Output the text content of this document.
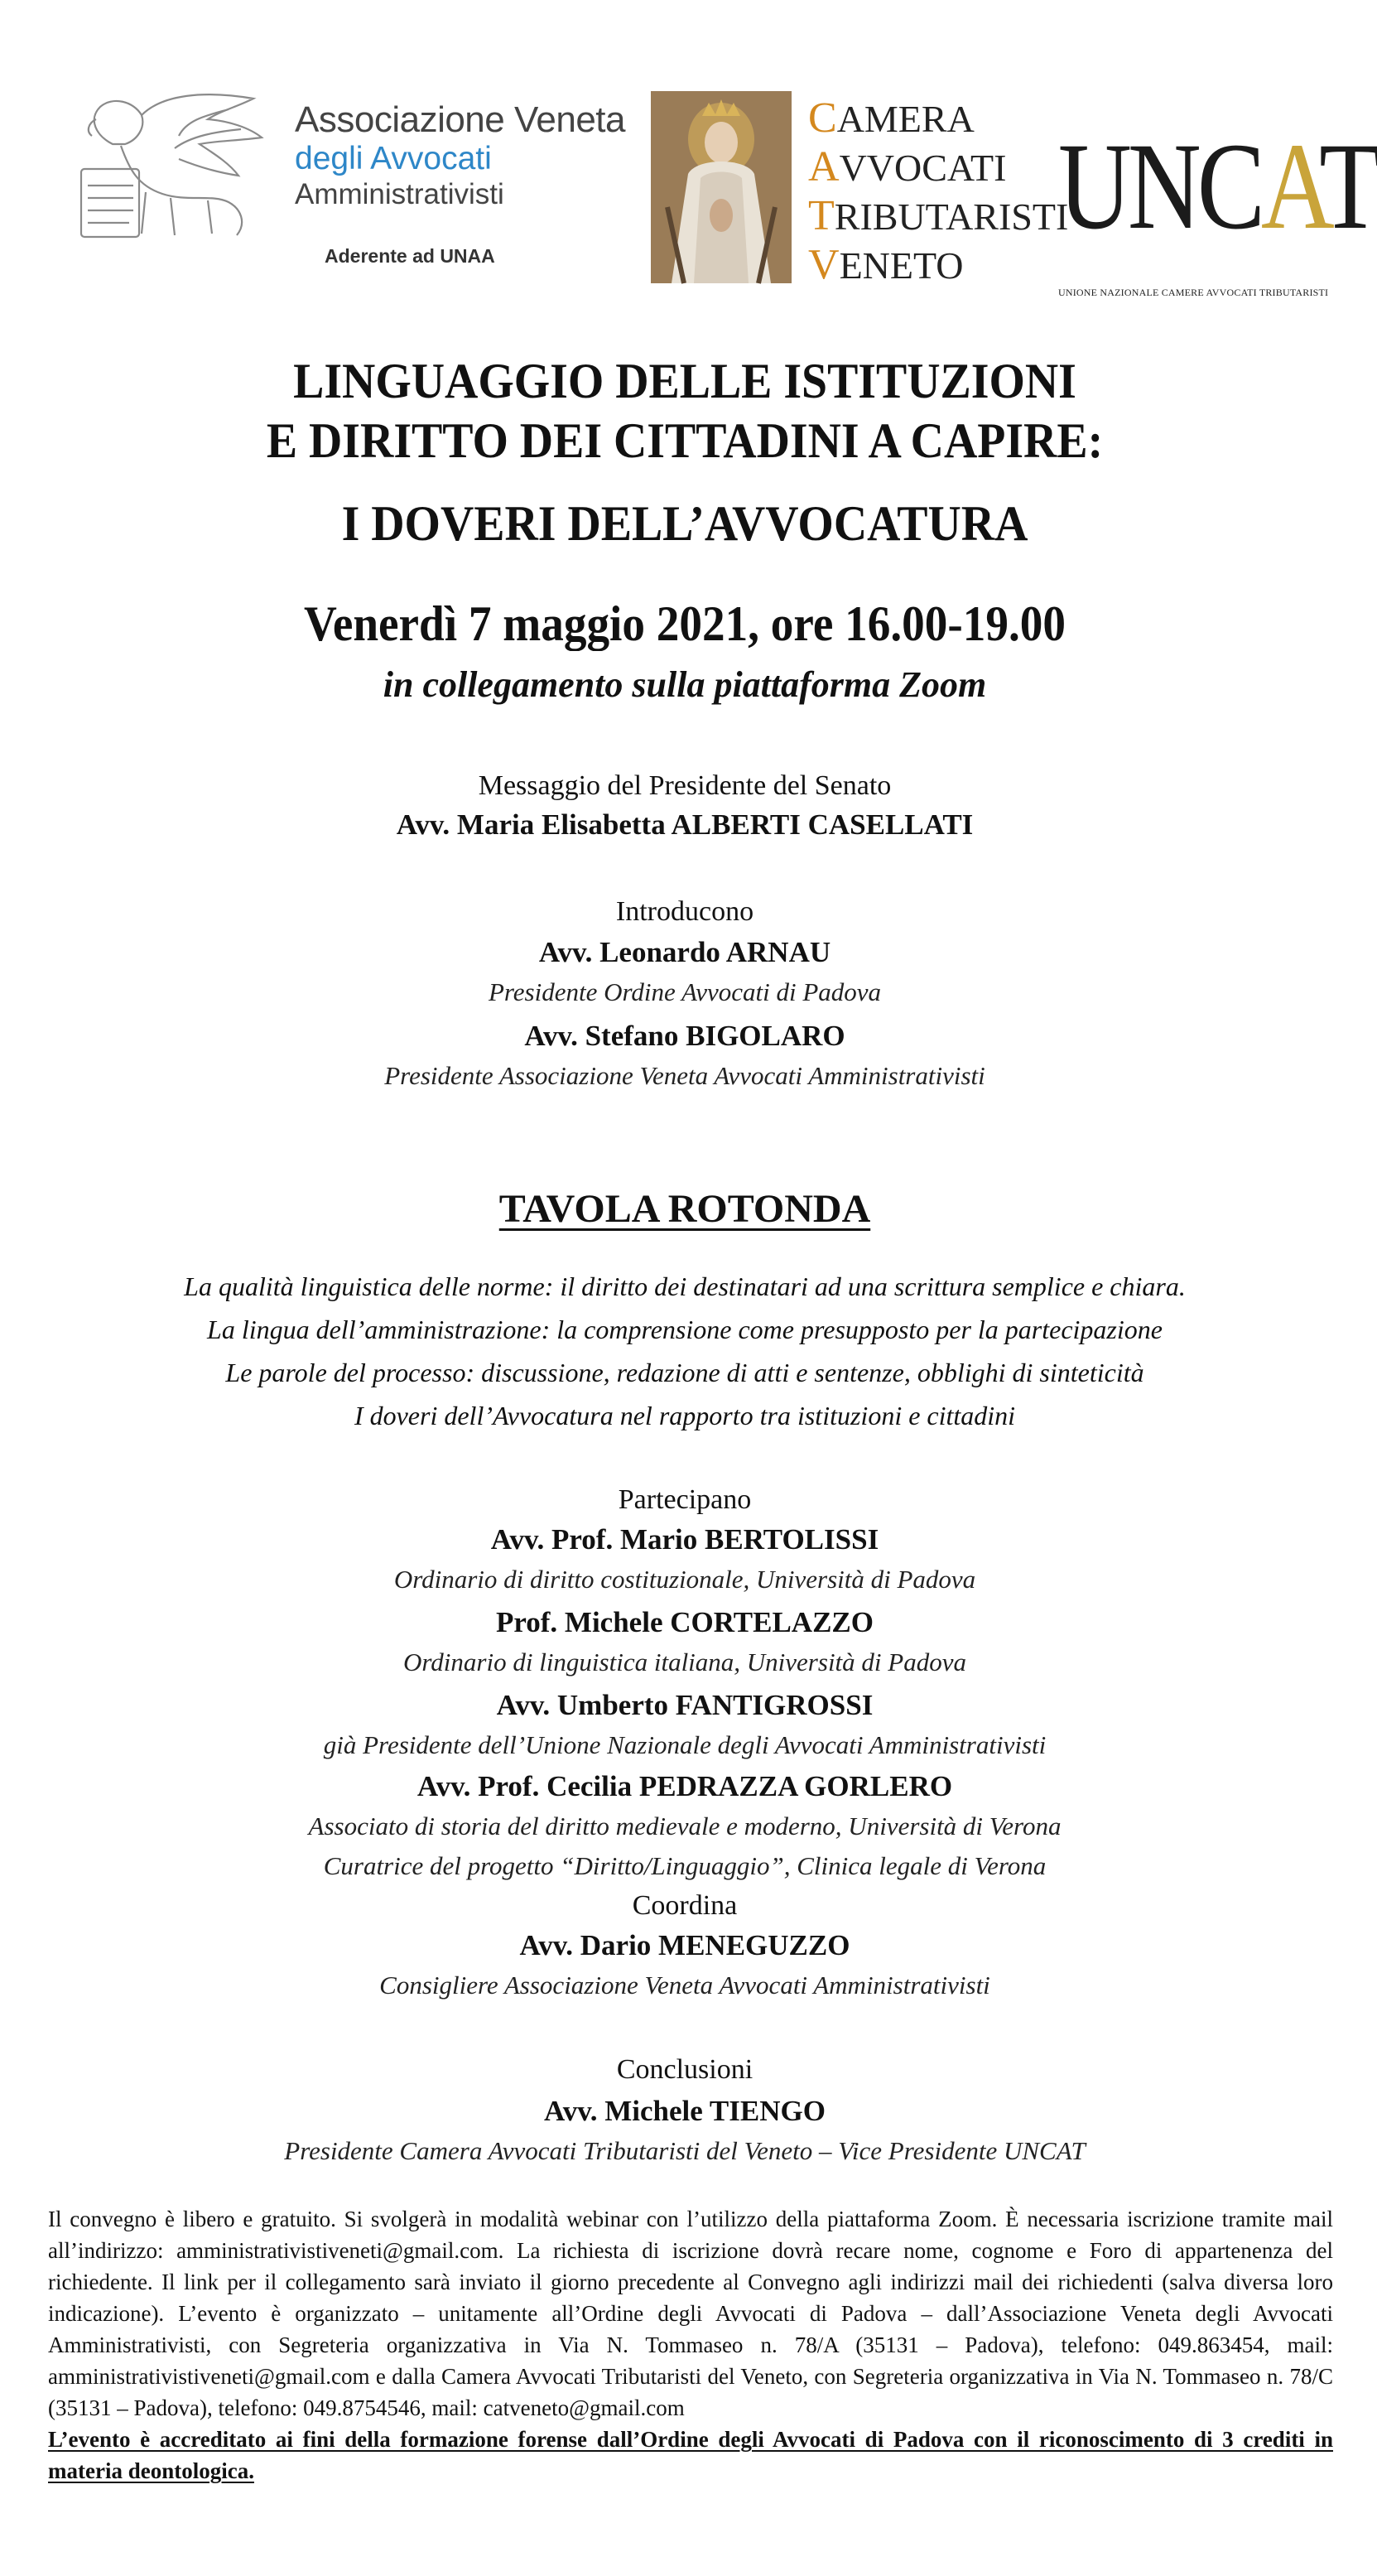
Associazione Veneta
degli Avvocati
Amministrativisti
Aderente ad UNAA
CAMERA
AVVOCATI
TRIBUTARISTI
VENETO
UNCAT
UNIONE NAZIONALE CAMERE AVVOCATI TRIBUTARISTI
LINGUAGGIO DELLE ISTITUZIONI
E DIRITTO DEI CITTADINI A CAPIRE:
I DOVERI DELL’AVVOCATURA
Venerdì 7 maggio 2021, ore 16.00-19.00
in collegamento sulla piattaforma Zoom
Messaggio del Presidente del Senato
Avv. Maria Elisabetta ALBERTI CASELLATI
Introducono
Avv. Leonardo ARNAU
Presidente Ordine Avvocati di Padova
Avv. Stefano BIGOLARO
Presidente Associazione Veneta Avvocati Amministrativisti
TAVOLA ROTONDA
La qualità linguistica delle norme: il diritto dei destinatari ad una scrittura semplice e chiara.
La lingua dell’amministrazione: la comprensione come presupposto per la partecipazione
Le parole del processo: discussione, redazione di atti e sentenze, obblighi di sinteticità
I doveri dell’Avvocatura nel rapporto tra istituzioni e cittadini
Partecipano
Avv. Prof. Mario BERTOLISSI
Ordinario di diritto costituzionale, Università di Padova
Prof. Michele CORTELAZZO
Ordinario di linguistica italiana, Università di Padova
Avv. Umberto FANTIGROSSI
già Presidente dell’Unione Nazionale degli Avvocati Amministrativisti
Avv. Prof. Cecilia PEDRAZZA GORLERO
Associato di storia del diritto medievale e moderno, Università di Verona
Curatrice del progetto “Diritto/Linguaggio”, Clinica legale di Verona
Coordina
Avv. Dario MENEGUZZO
Consigliere Associazione Veneta Avvocati Amministrativisti
Conclusioni
Avv. Michele TIENGO
Presidente Camera Avvocati Tributaristi del Veneto – Vice Presidente UNCAT
Il convegno è libero e gratuito. Si svolgerà in modalità webinar con l’utilizzo della piattaforma Zoom. È necessaria iscrizione tramite mail all’indirizzo: amministrativistiveneti@gmail.com. La richiesta di iscrizione dovrà recare nome, cognome e Foro di appartenenza del richiedente. Il link per il collegamento sarà inviato il giorno precedente al Convegno agli indirizzi mail dei richiedenti (salva diversa loro indicazione). L’evento è organizzato – unitamente all’Ordine degli Avvocati di Padova – dall’Associazione Veneta degli Avvocati Amministrativisti, con Segreteria organizzativa in Via N. Tommaseo n. 78/A (35131 – Padova), telefono: 049.863454, mail: amministrativistiveneti@gmail.com e dalla Camera Avvocati Tributaristi del Veneto, con Segreteria organizzativa in Via N. Tommaseo n. 78/C (35131 – Padova), telefono: 049.8754546, mail: catveneto@gmail.com
L’evento è accreditato ai fini della formazione forense dall’Ordine degli Avvocati di Padova con il riconoscimento di 3 crediti in materia deontologica.
